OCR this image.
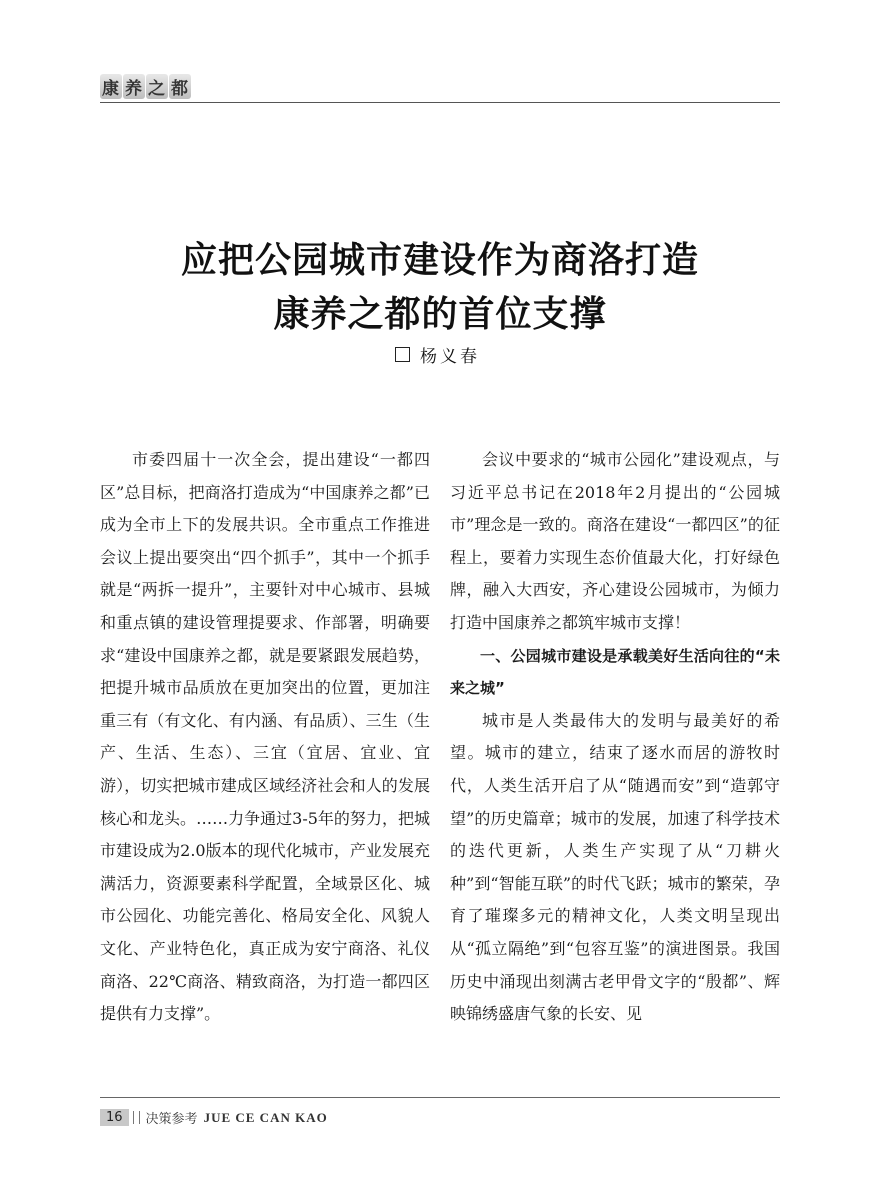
康 养 之 都
应把公园城市建设作为商洛打造
康养之都的首位支撑
杨义春

市委四届十一次全会，提出建设“一都四区”总目标，把商洛打造成为“中国康养之都”已成为全市上下的发展共识。全市重点工作推进会议上提出要突出“四个抓手”，其中一个抓手就是“两拆一提升”，主要针对中心城市、县城和重点镇的建设管理提要求、作部署，明确要求“建设中国康养之都，就是要紧跟发展趋势，把提升城市品质放在更加突出的位置，更加注重三有（有文化、有内涵、有品质）、三生（生产、生活、生态）、三宜（宜居、宜业、宜游），切实把城市建成区域经济社会和人的发展核心和龙头。……力争通过3-5年的努力，把城市建设成为2.0版本的现代化城市，产业发展充满活力，资源要素科学配置，全域景区化、城市公园化、功能完善化、格局安全化、风貌人文化、产业特色化，真正成为安宁商洛、礼仪商洛、22℃商洛、精致商洛，为打造一都四区提供有力支撑”。

会议中要求的“城市公园化”建设观点，与习近平总书记在2018年2月提出的“公园城市”理念是一致的。商洛在建设“一都四区”的征程上，要着力实现生态价值最大化，打好绿色牌，融入大西安，齐心建设公园城市，为倾力打造中国康养之都筑牢城市支撑！

一、公园城市建设是承载美好生活向往的“未来之城”

城市是人类最伟大的发明与最美好的希望。城市的建立，结束了逐水而居的游牧时代，人类生活开启了从“随遇而安”到“造郭守望”的历史篇章；城市的发展，加速了科学技术的迭代更新，人类生产实现了从“刀耕火种”到“智能互联”的时代飞跃；城市的繁荣，孕育了璀璨多元的精神文化，人类文明呈现出从“孤立隔绝”到“包容互鉴”的演进图景。我国历史中涌现出刻满古老甲骨文字的“殷都”、辉映锦绣盛唐气象的长安、见

16	决策参考 JUE CE CAN KAO
